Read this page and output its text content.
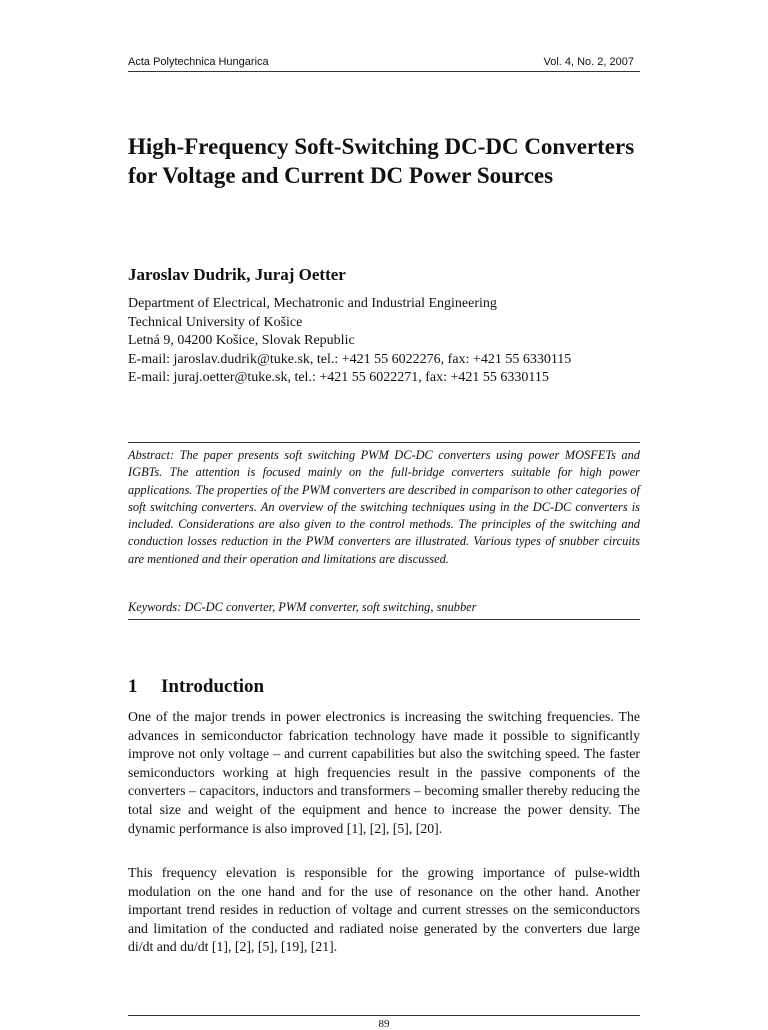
Acta Polytechnica Hungarica	Vol. 4, No. 2, 2007
High-Frequency Soft-Switching DC-DC Converters for Voltage and Current DC Power Sources
Jaroslav Dudrik, Juraj Oetter
Department of Electrical, Mechatronic and Industrial Engineering
Technical University of Košice
Letná 9, 04200 Košice, Slovak Republic
E-mail: jaroslav.dudrik@tuke.sk, tel.: +421 55 6022276, fax: +421 55 6330115
E-mail: juraj.oetter@tuke.sk, tel.: +421 55 6022271, fax: +421 55 6330115

Abstract: The paper presents soft switching PWM DC-DC converters using power MOSFETs and IGBTs. The attention is focused mainly on the full-bridge converters suitable for high power applications. The properties of the PWM converters are described in comparison to other categories of soft switching converters. An overview of the switching techniques using in the DC-DC converters is included. Considerations are also given to the control methods. The principles of the switching and conduction losses reduction in the PWM converters are illustrated. Various types of snubber circuits are mentioned and their operation and limitations are discussed.

Keywords: DC-DC converter, PWM converter, soft switching, snubber

1 Introduction

One of the major trends in power electronics is increasing the switching frequencies. The advances in semiconductor fabrication technology have made it possible to significantly improve not only voltage – and current capabilities but also the switching speed. The faster semiconductors working at high frequencies result in the passive components of the converters – capacitors, inductors and transformers – becoming smaller thereby reducing the total size and weight of the equipment and hence to increase the power density. The dynamic performance is also improved [1], [2], [5], [20].

This frequency elevation is responsible for the growing importance of pulse-width modulation on the one hand and for the use of resonance on the other hand. Another important trend resides in reduction of voltage and current stresses on the semiconductors and limitation of the conducted and radiated noise generated by the converters due large di/dt and du/dt [1], [2], [5], [19], [21].

89
